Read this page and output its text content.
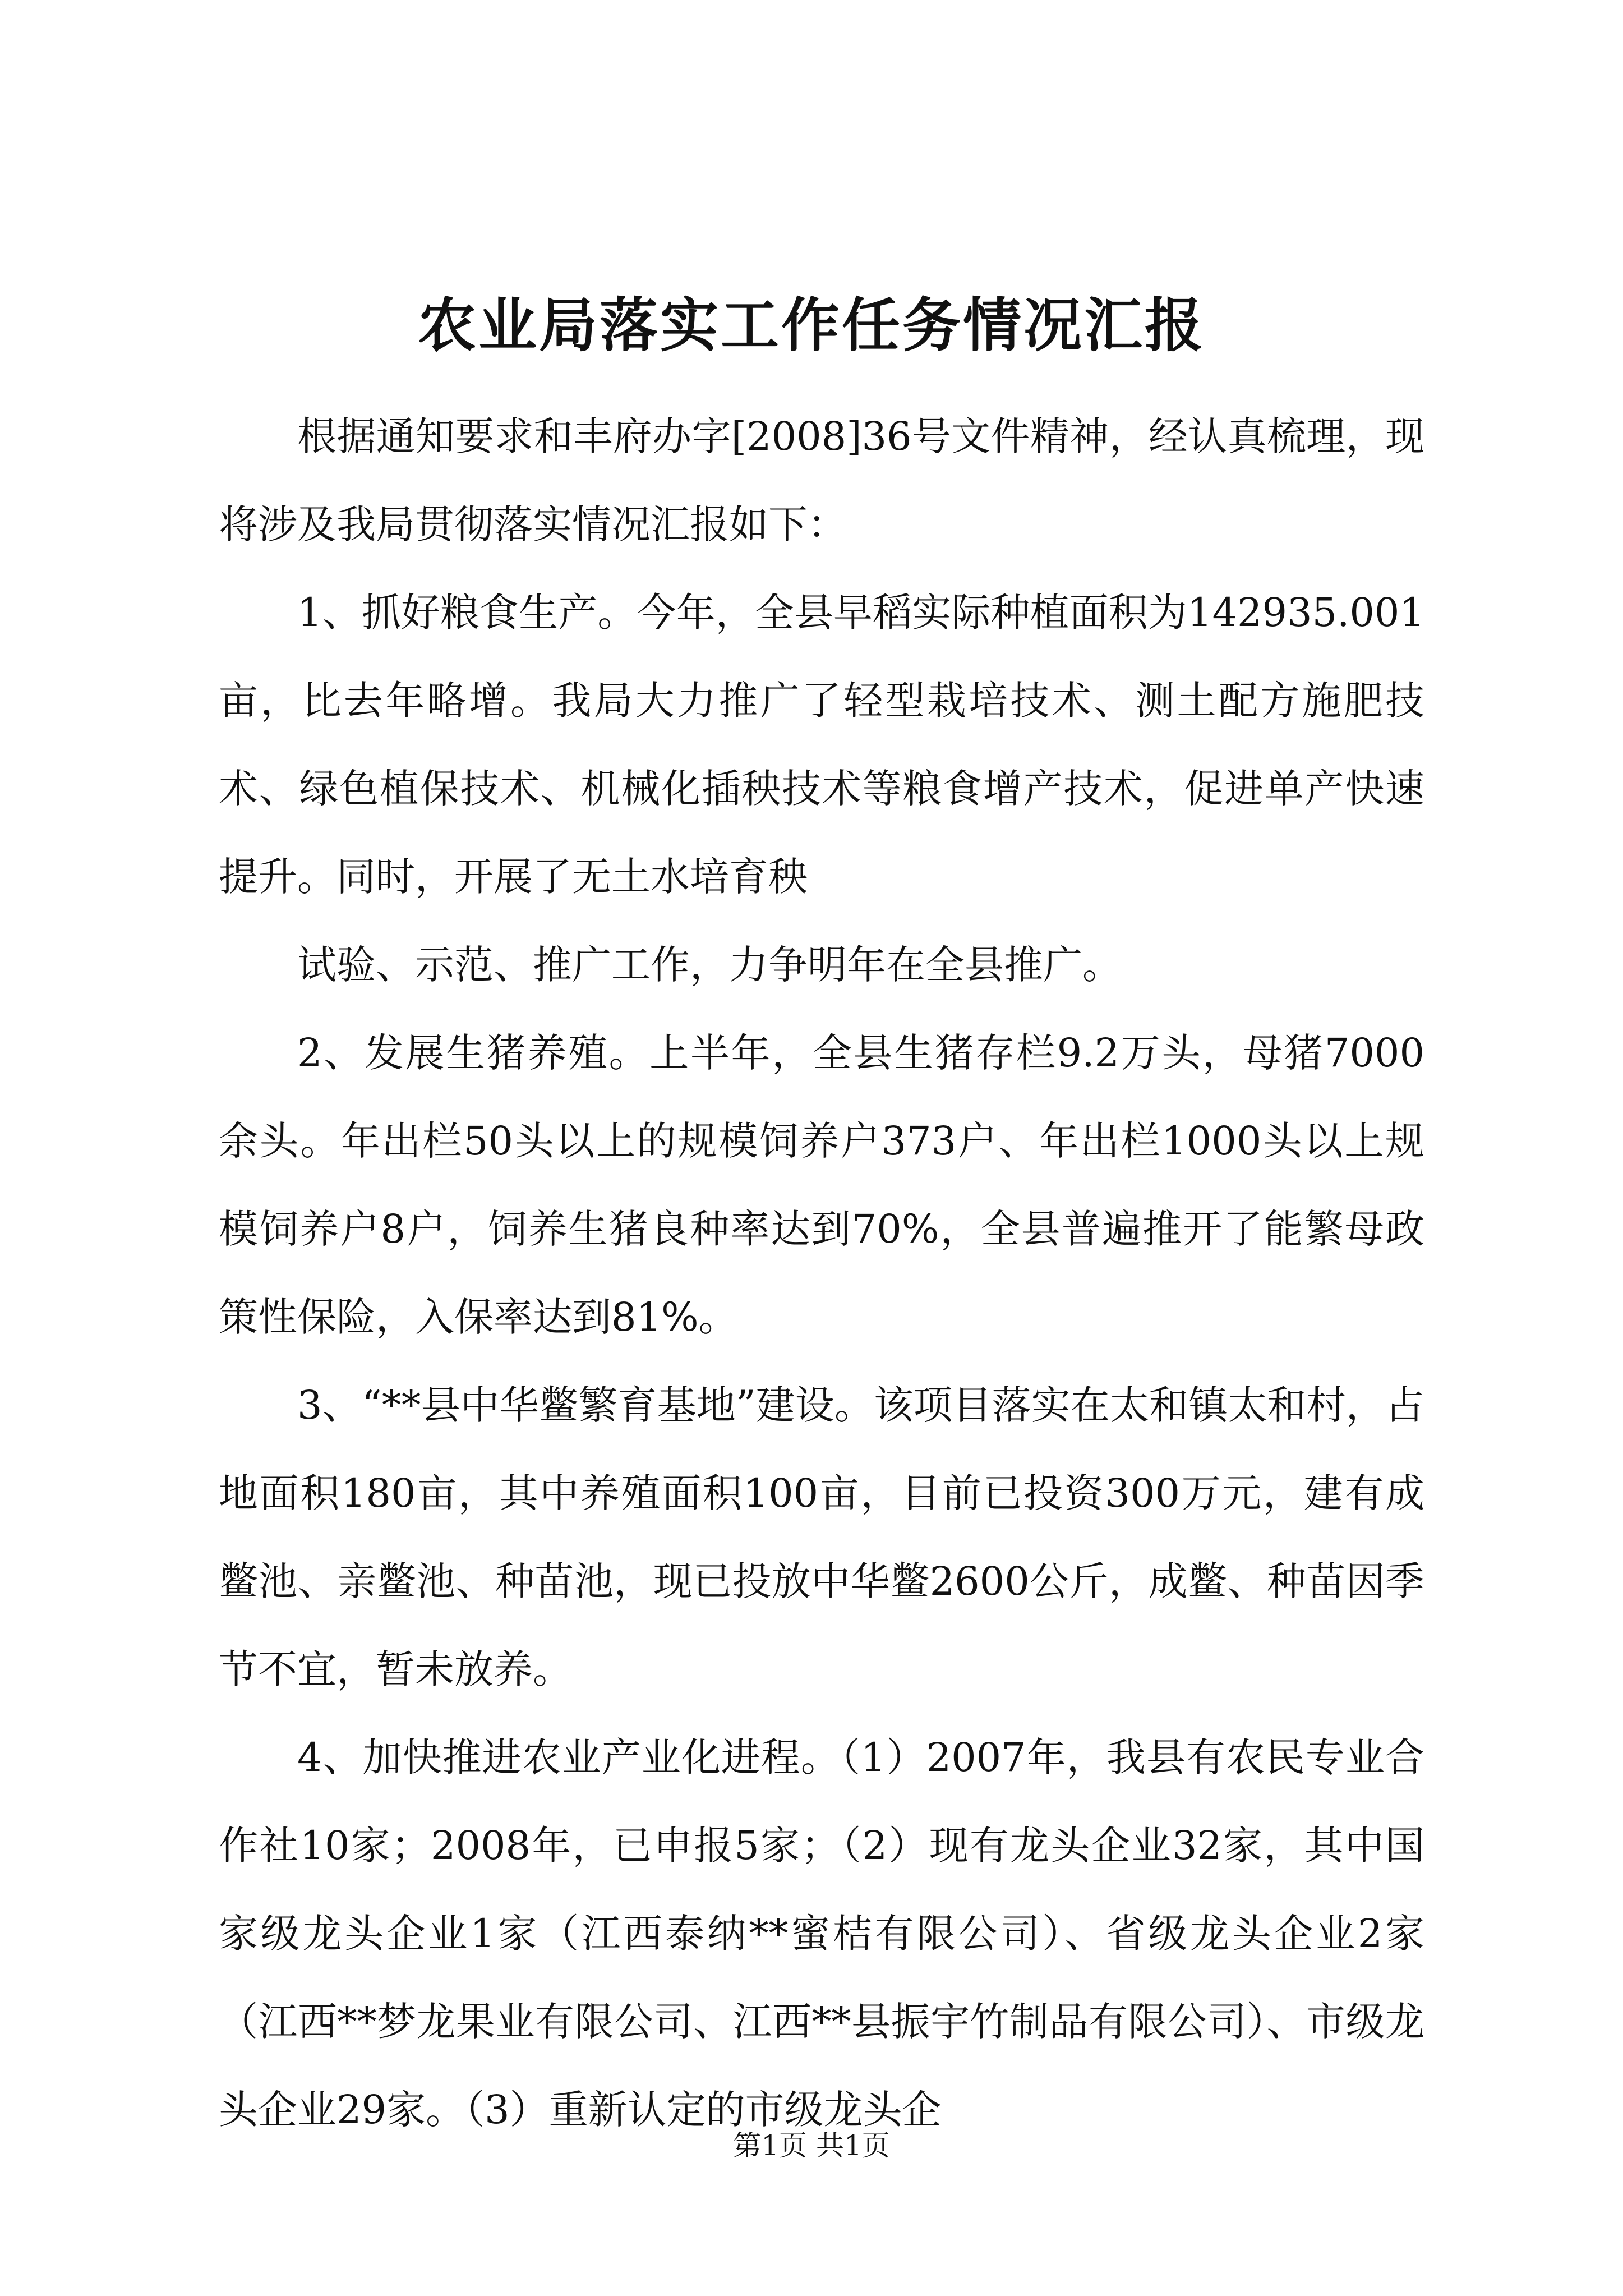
农业局落实工作任务情况汇报

根据通知要求和丰府办字[2008]36号文件精神，经认真梳理，现将涉及我局贯彻落实情况汇报如下：

1、抓好粮食生产。今年，全县早稻实际种植面积为142935.001亩，比去年略增。我局大力推广了轻型栽培技术、测土配方施肥技术、绿色植保技术、机械化插秧技术等粮食增产技术，促进单产快速提升。同时，开展了无土水培育秧

试验、示范、推广工作，力争明年在全县推广。

2、发展生猪养殖。上半年，全县生猪存栏9.2万头，母猪7000余头。年出栏50头以上的规模饲养户373户、年出栏1000头以上规模饲养户8户，饲养生猪良种率达到70%，全县普遍推开了能繁母政策性保险，入保率达到81%。

3、“**县中华鳖繁育基地”建设。该项目落实在太和镇太和村，占地面积180亩，其中养殖面积100亩，目前已投资300万元，建有成鳖池、亲鳖池、种苗池，现已投放中华鳖2600公斤，成鳖、种苗因季节不宜，暂未放养。

4、加快推进农业产业化进程。（1）2007年，我县有农民专业合作社10家；2008年，已申报5家；（2）现有龙头企业32家，其中国家级龙头企业1家（江西泰纳**蜜桔有限公司）、省级龙头企业2家（江西**梦龙果业有限公司、江西**县振宇竹制品有限公司）、市级龙头企业29家。（3）重新认定的市级龙头企

第1页 共1页
